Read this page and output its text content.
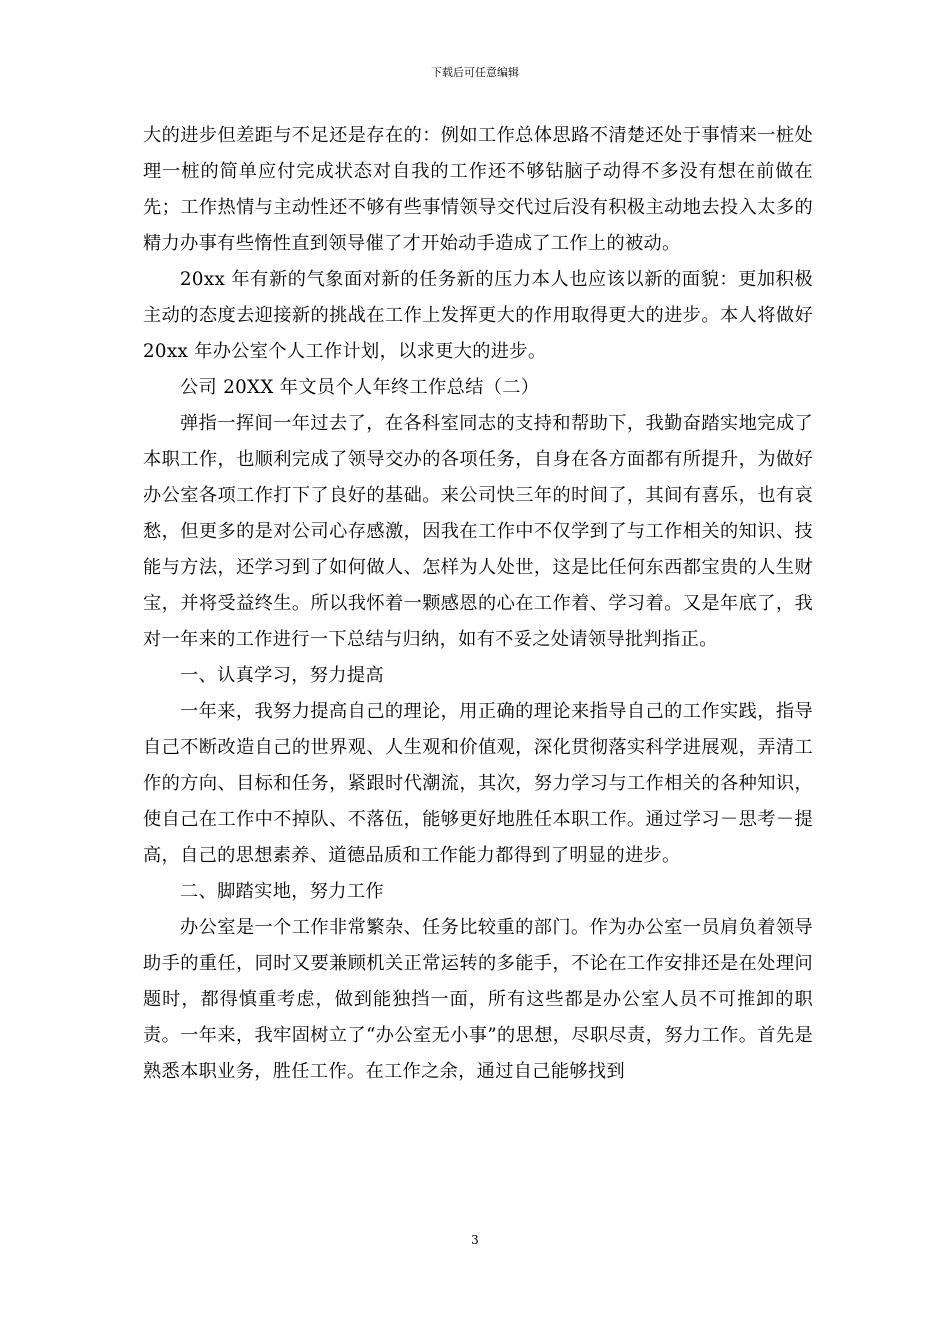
下载后可任意编辑

大的进步但差距与不足还是存在的：例如工作总体思路不清楚还处于事情来一桩处理一桩的简单应付完成状态对自我的工作还不够钻脑子动得不多没有想在前做在先；工作热情与主动性还不够有些事情领导交代过后没有积极主动地去投入太多的精力办事有些惰性直到领导催了才开始动手造成了工作上的被动。

20xx 年有新的气象面对新的任务新的压力本人也应该以新的面貌：更加积极主动的态度去迎接新的挑战在工作上发挥更大的作用取得更大的进步。本人将做好 20xx 年办公室个人工作计划，以求更大的进步。

公司 20XX 年文员个人年终工作总结（二）

弹指一挥间一年过去了，在各科室同志的支持和帮助下，我勤奋踏实地完成了本职工作，也顺利完成了领导交办的各项任务，自身在各方面都有所提升，为做好办公室各项工作打下了良好的基础。来公司快三年的时间了，其间有喜乐，也有哀愁，但更多的是对公司心存感激，因我在工作中不仅学到了与工作相关的知识、技能与方法，还学习到了如何做人、怎样为人处世，这是比任何东西都宝贵的人生财宝，并将受益终生。所以我怀着一颗感恩的心在工作着、学习着。又是年底了，我对一年来的工作进行一下总结与归纳，如有不妥之处请领导批判指正。

一、认真学习，努力提高

一年来，我努力提高自己的理论，用正确的理论来指导自己的工作实践，指导自己不断改造自己的世界观、人生观和价值观，深化贯彻落实科学进展观，弄清工作的方向、目标和任务，紧跟时代潮流，其次，努力学习与工作相关的各种知识，使自己在工作中不掉队、不落伍，能够更好地胜任本职工作。通过学习－思考－提高，自己的思想素养、道德品质和工作能力都得到了明显的进步。

二、脚踏实地，努力工作

办公室是一个工作非常繁杂、任务比较重的部门。作为办公室一员肩负着领导助手的重任，同时又要兼顾机关正常运转的多能手，不论在工作安排还是在处理问题时，都得慎重考虑，做到能独挡一面，所有这些都是办公室人员不可推卸的职责。一年来，我牢固树立了“办公室无小事”的思想，尽职尽责，努力工作。首先是熟悉本职业务，胜任工作。在工作之余，通过自己能够找到

3
